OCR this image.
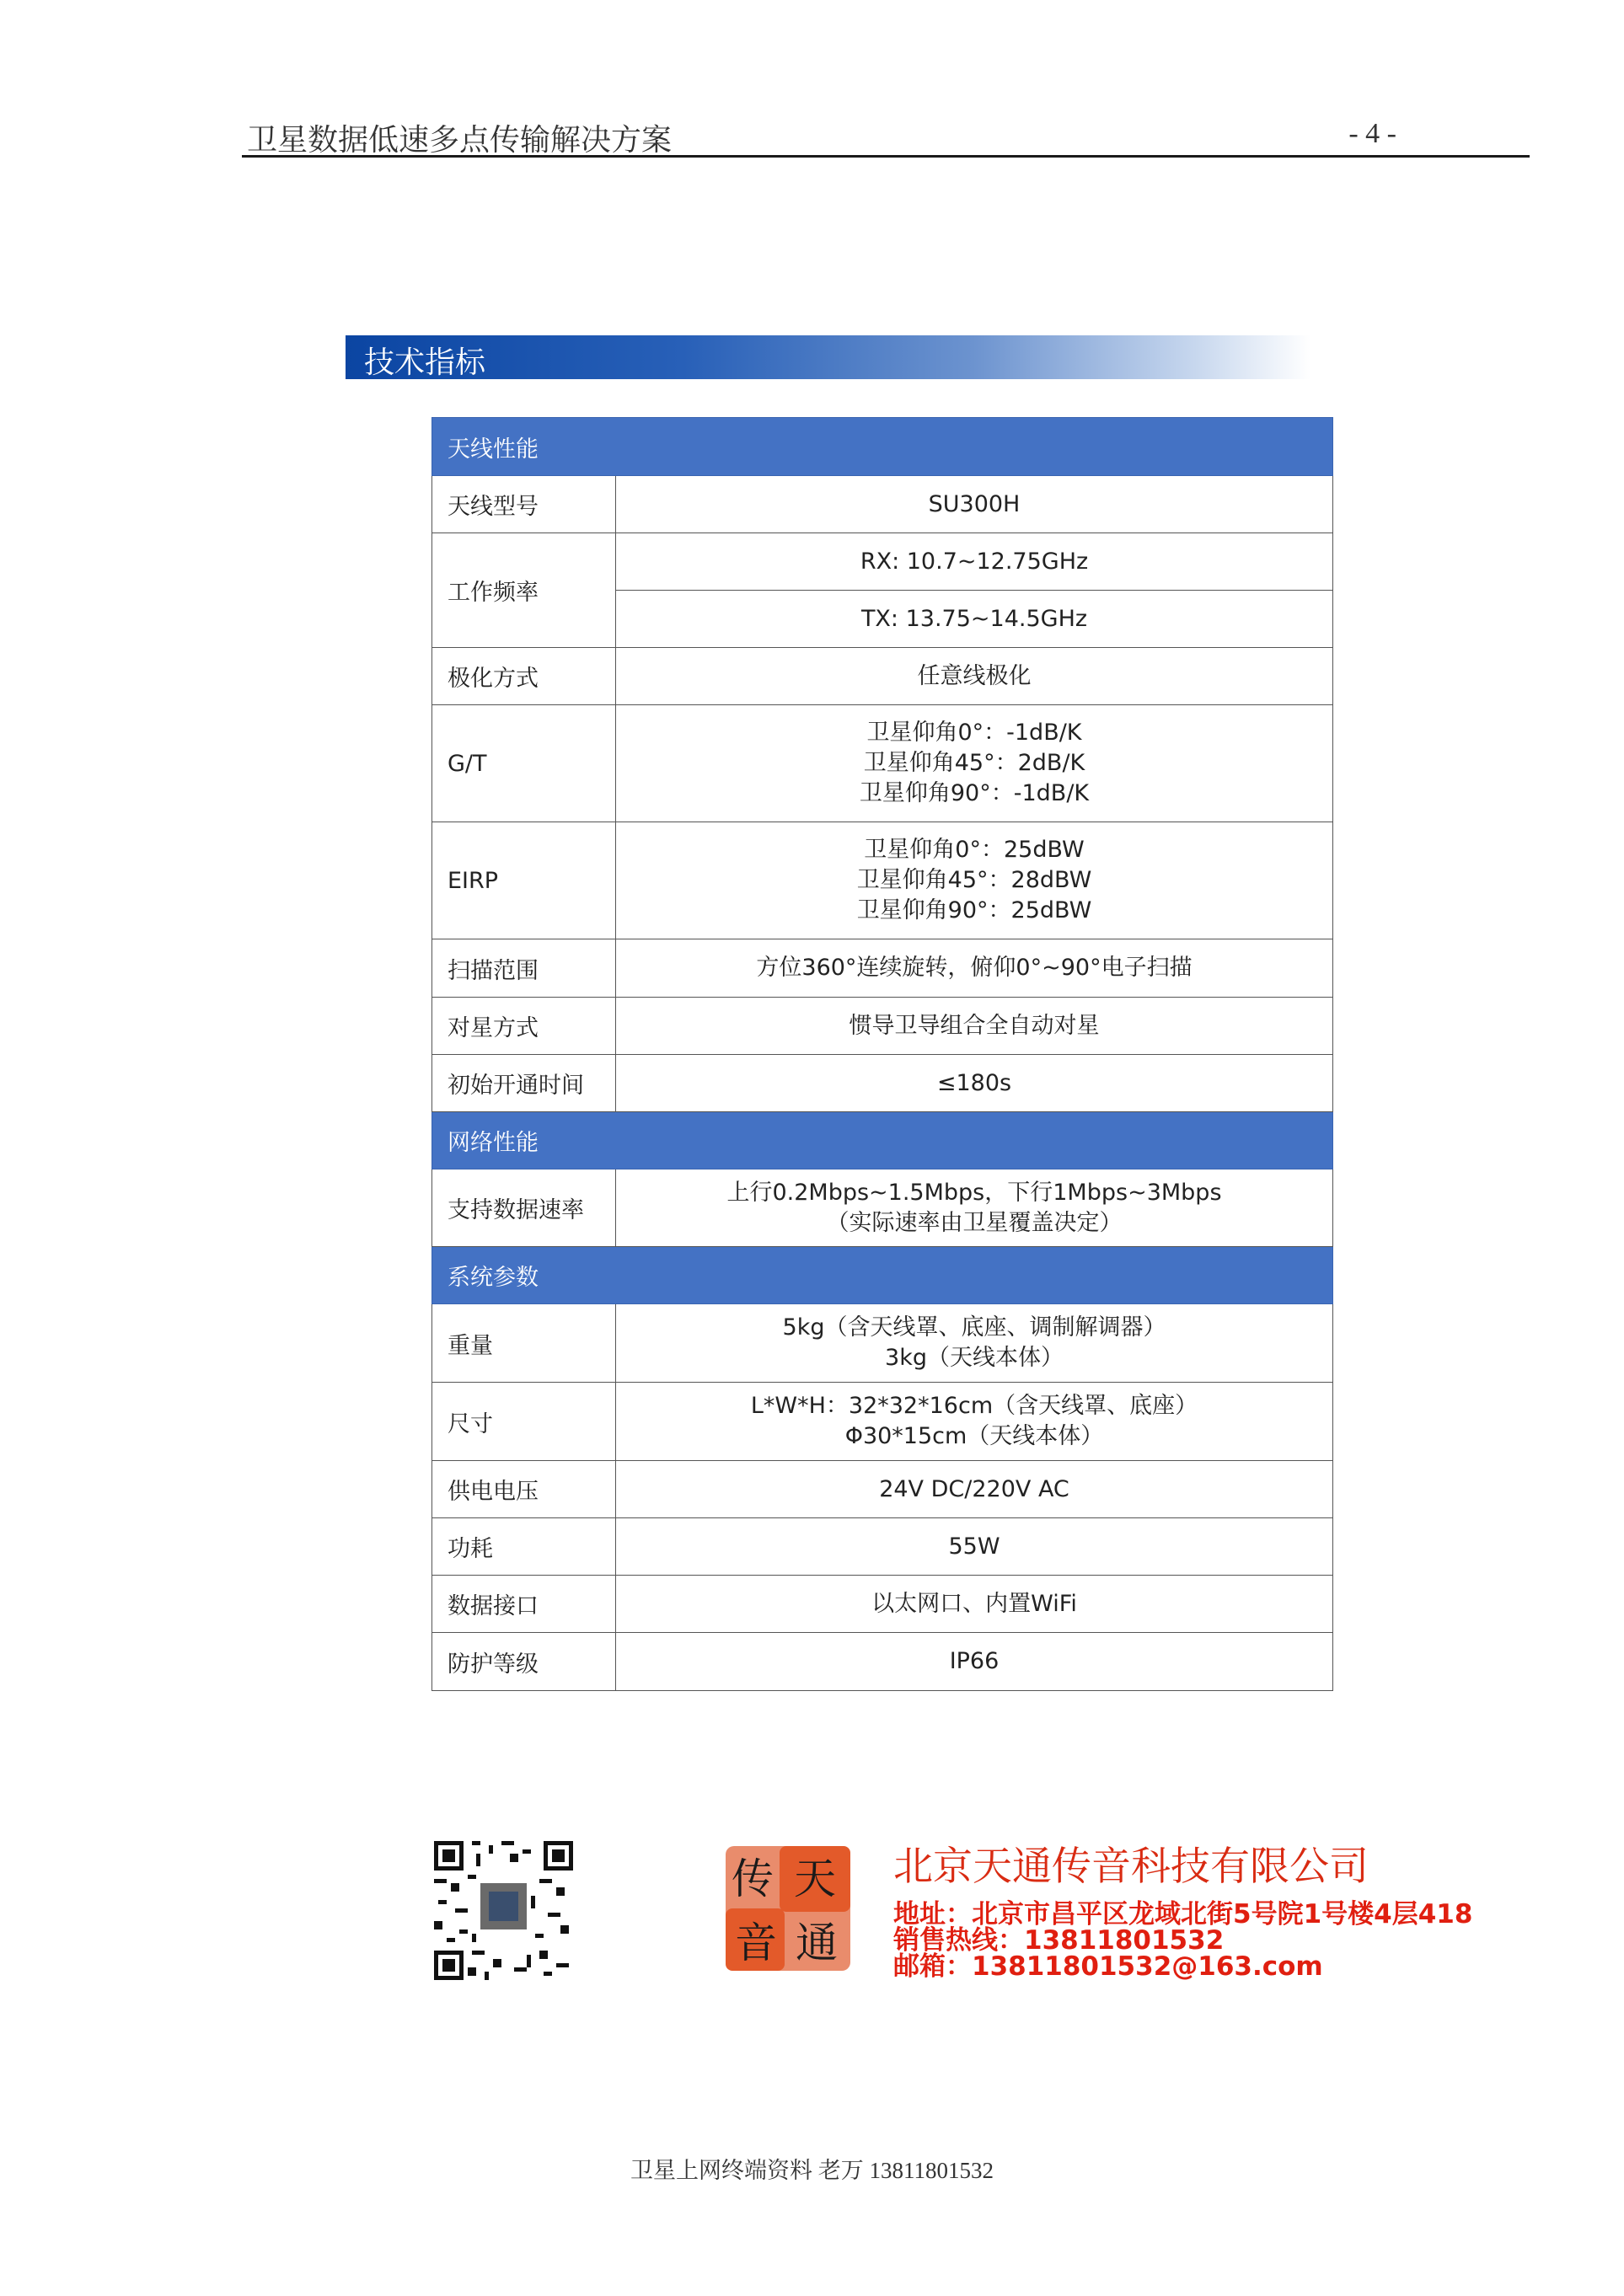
卫星数据低速多点传输解决方案	- 4 -
技术指标
天线性能	
天线型号	SU300H
工作频率	RX: 10.7~12.75GHz
	TX: 13.75~14.5GHz
极化方式	任意线极化
G/T	卫星仰角0°：-1dB/K
卫星仰角45°：2dB/K
卫星仰角90°：-1dB/K

EIRP	卫星仰角0°：25dBW
卫星仰角45°：28dBW
卫星仰角90°：25dBW

扫描范围	方位360°连续旋转，俯仰0°~90°电子扫描
对星方式	惯导卫导组合全自动对星
初始开通时间	≤180s
网络性能	
支持数据速率	上行0.2Mbps~1.5Mbps，下行1Mbps~3Mbps
（实际速率由卫星覆盖决定）

系统参数	
重量	5kg（含天线罩、底座、调制解调器）
3kg（天线本体）

尺寸	L*W*H：32*32*16cm（含天线罩、底座）
Φ30*15cm（天线本体）

供电电压	24V DC/220V AC
功耗	55W
数据接口	以太网口、内置WiFi
防护等级	IP66
传 天
音 通
北京天通传音科技有限公司
地址：北京市昌平区龙域北街5号院1号楼4层418
销售热线：13811801532
邮箱：13811801532@163.com
卫星上网终端资料 老万 13811801532
